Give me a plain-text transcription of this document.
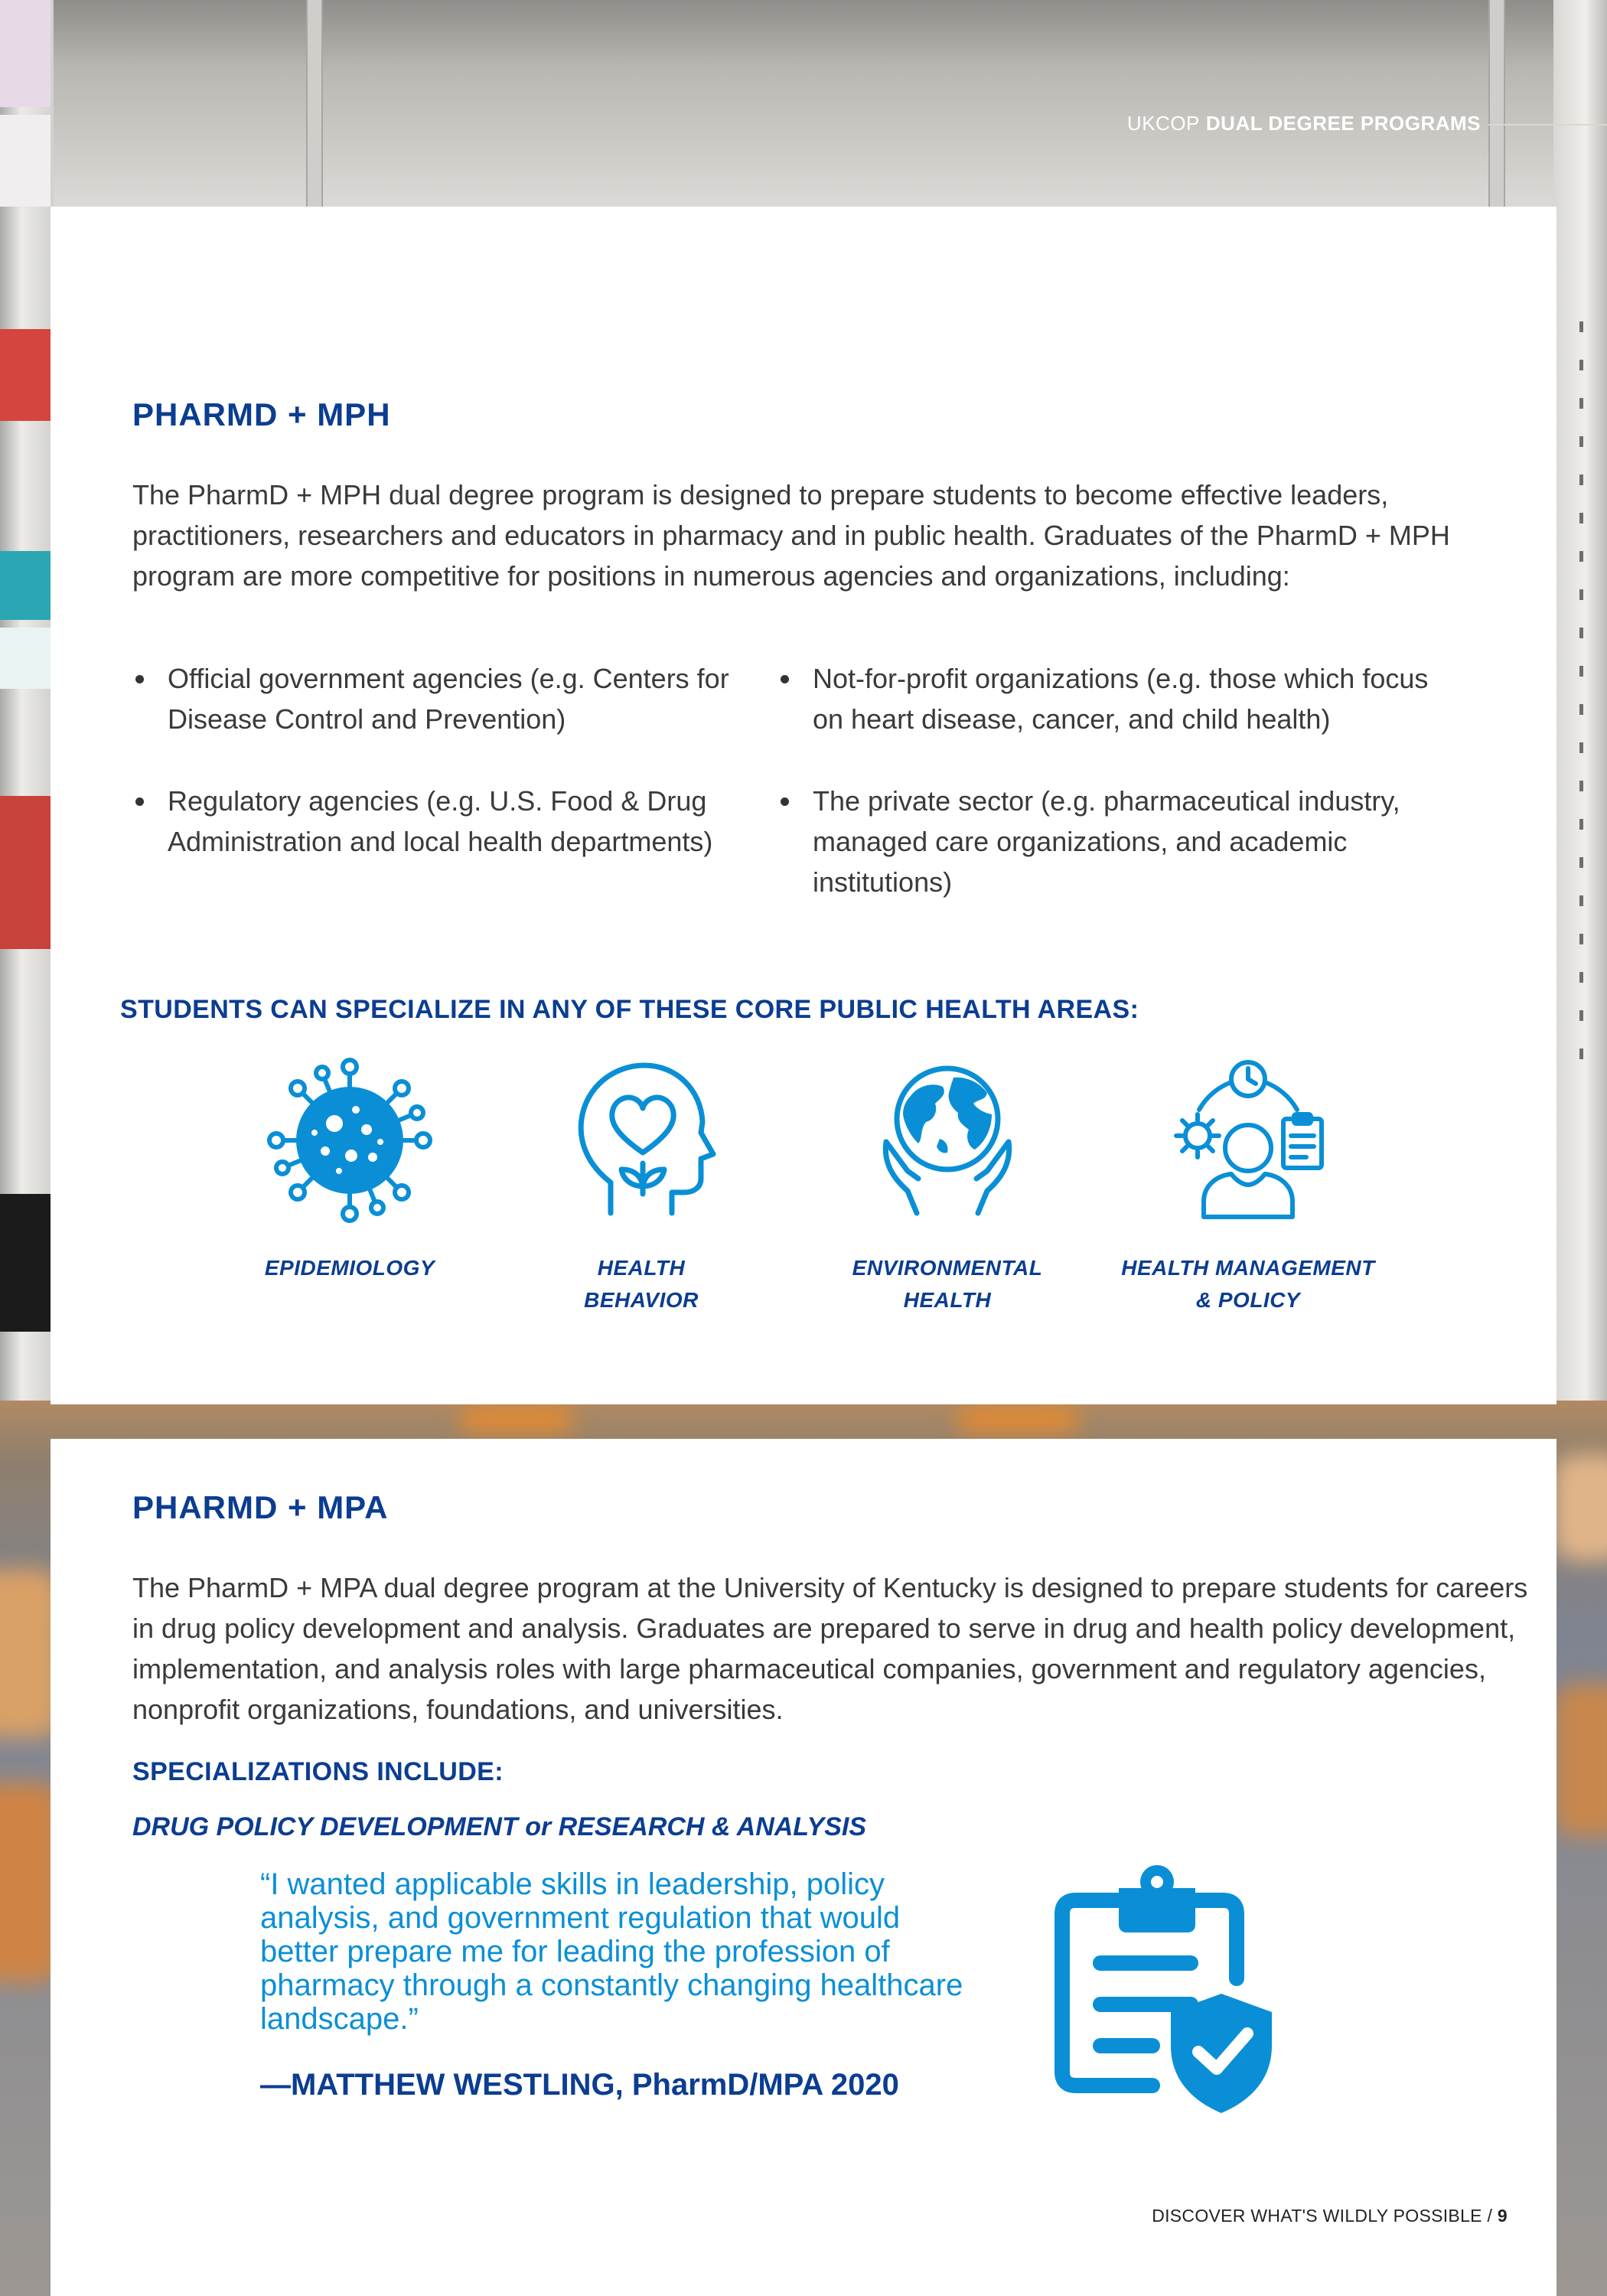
UKCOP DUAL DEGREE PROGRAMS
PHARMD + MPH

The PharmD + MPH dual degree program is designed to prepare students to become effective leaders, practitioners, researchers and educators in pharmacy and in public health. Graduates of the PharmD + MPH program are more competitive for positions in numerous agencies and organizations, including:

Official government agencies (e.g. Centers for Disease Control and Prevention)
Regulatory agencies (e.g. U.S. Food & Drug Administration and local health departments)
Not-for-profit organizations (e.g. those which focus on heart disease, cancer, and child health)
The private sector (e.g. pharmaceutical industry, managed care organizations, and academic institutions)
STUDENTS CAN SPECIALIZE IN ANY OF THESE CORE PUBLIC HEALTH AREAS:
EPIDEMIOLOGY	HEALTH BEHAVIOR
ENVIRONMENTAL HEALTH
HEALTH MANAGEMENT & POLICY
PHARMD + MPA

The PharmD + MPA dual degree program at the University of Kentucky is designed to prepare students for careers in drug policy development and analysis. Graduates are prepared to serve in drug and health policy development, implementation, and analysis roles with large pharmaceutical companies, government and regulatory agencies, nonprofit organizations, foundations, and universities.

SPECIALIZATIONS INCLUDE:

DRUG POLICY DEVELOPMENT or RESEARCH & ANALYSIS

“I wanted applicable skills in leadership, policy analysis, and government regulation that would better prepare me for leading the profession of pharmacy through a constantly changing healthcare landscape.”

—MATTHEW WESTLING, PharmD/MPA 2020

DISCOVER WHAT'S WILDLY POSSIBLE / 9
